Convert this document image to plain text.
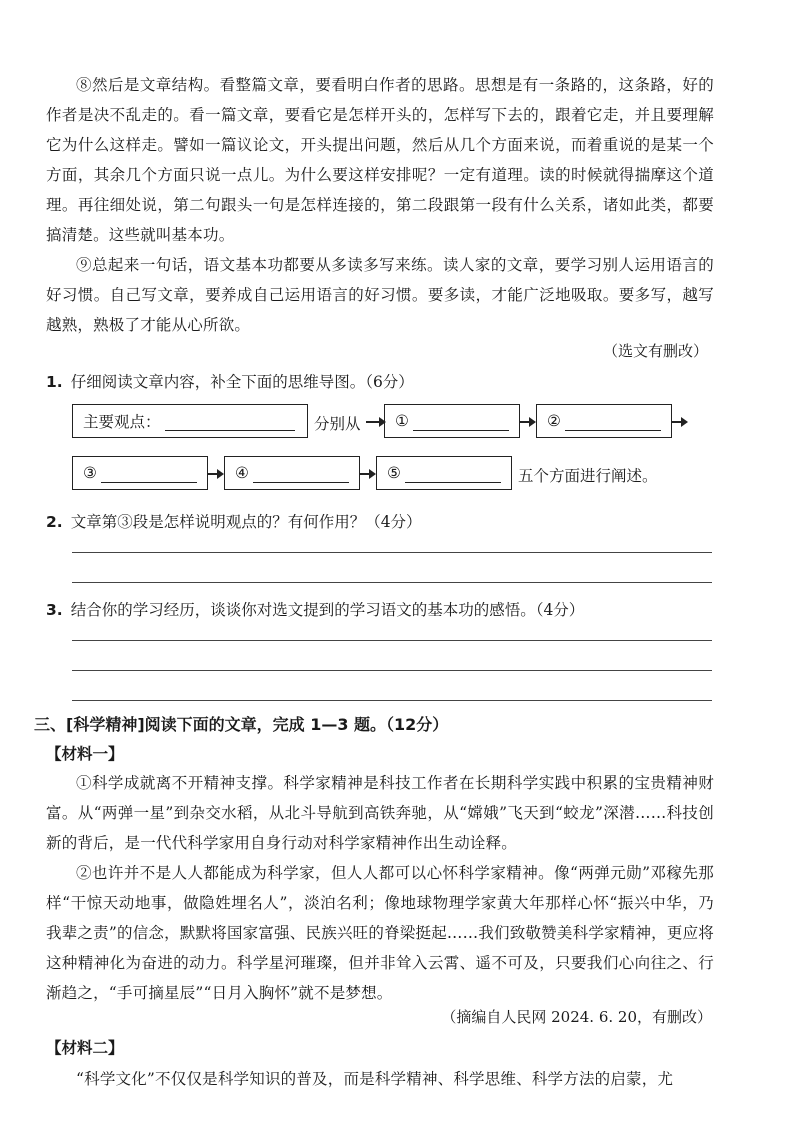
⑧然后是文章结构。看整篇文章，要看明白作者的思路。思想是有一条路的，这条路，好的作者是决不乱走的。看一篇文章，要看它是怎样开头的，怎样写下去的，跟着它走，并且要理解它为什么这样走。譬如一篇议论文，开头提出问题，然后从几个方面来说，而着重说的是某一个方面，其余几个方面只说一点儿。为什么要这样安排呢？一定有道理。读的时候就得揣摩这个道理。再往细处说，第二句跟头一句是怎样连接的，第二段跟第一段有什么关系，诸如此类，都要搞清楚。这些就叫基本功。

⑨总起来一句话，语文基本功都要从多读多写来练。读人家的文章，要学习别人运用语言的好习惯。自己写文章，要养成自己运用语言的好习惯。要多读，才能广泛地吸取。要多写，越写越熟，熟极了才能从心所欲。

（选文有删改）
1. 仔细阅读文章内容，补全下面的思维导图。（6分）
主要观点：	分别从 ①	②
③	④	⑤	五个方面进行阐述。
2. 文章第③段是怎样说明观点的？有何作用？（4分）
3. 结合你的学习经历，谈谈你对选文提到的学习语文的基本功的感悟。（4分）
三、[科学精神]阅读下面的文章，完成 1—3 题。（12分）
【材料一】

①科学成就离不开精神支撑。科学家精神是科技工作者在长期科学实践中积累的宝贵精神财富。从“两弹一星”到杂交水稻，从北斗导航到高铁奔驰，从“嫦娥”飞天到“蛟龙”深潜……科技创新的背后，是一代代科学家用自身行动对科学家精神作出生动诠释。

②也许并不是人人都能成为科学家，但人人都可以心怀科学家精神。像“两弹元勋”邓稼先那样“干惊天动地事，做隐姓埋名人”，淡泊名利；像地球物理学家黄大年那样心怀“振兴中华，乃我辈之责”的信念，默默将国家富强、民族兴旺的脊梁挺起……我们致敬赞美科学家精神，更应将这种精神化为奋进的动力。科学星河璀璨，但并非耸入云霄、遥不可及，只要我们心向往之、行渐趋之，“手可摘星辰”“日月入胸怀”就不是梦想。

（摘编自人民网 2024. 6. 20，有删改）
【材料二】

“科学文化”不仅仅是科学知识的普及，而是科学精神、科学思维、科学方法的启蒙，尤
